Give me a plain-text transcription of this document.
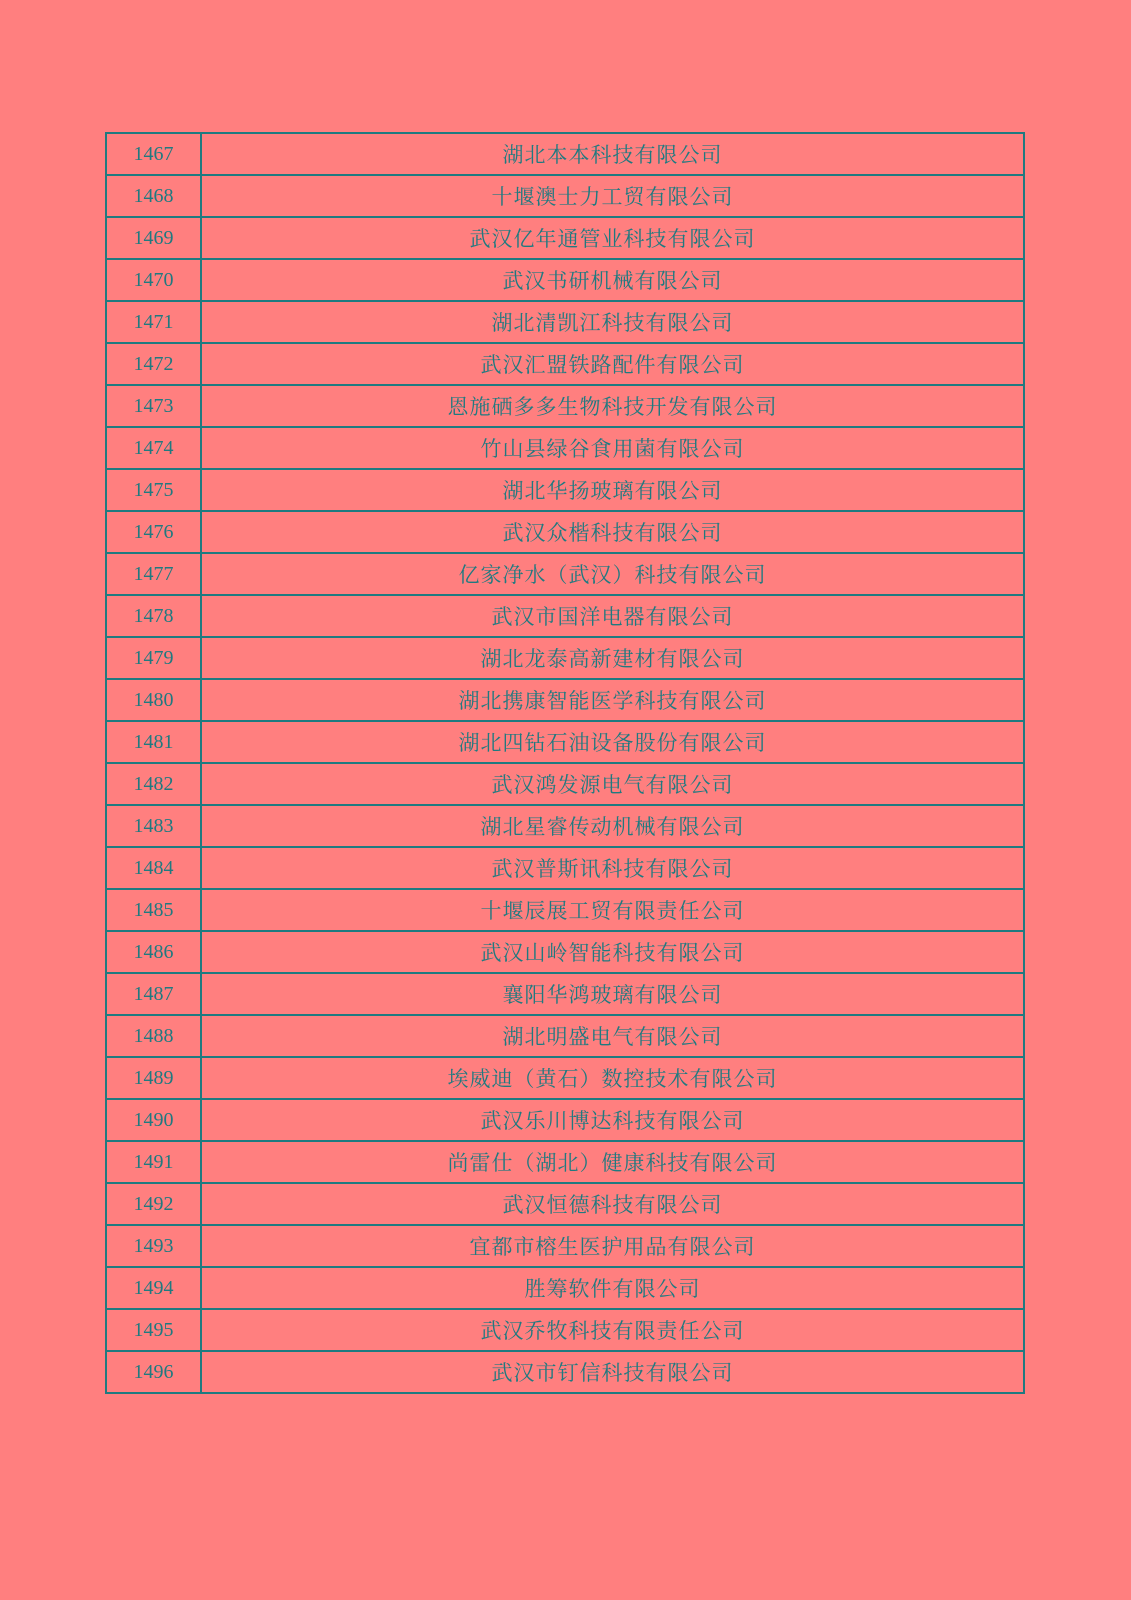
1467	湖北本本科技有限公司
1468	十堰澳士力工贸有限公司
1469	武汉亿年通管业科技有限公司
1470	武汉书研机械有限公司
1471	湖北清凯江科技有限公司
1472	武汉汇盟铁路配件有限公司
1473	恩施硒多多生物科技开发有限公司
1474	竹山县绿谷食用菌有限公司
1475	湖北华扬玻璃有限公司
1476	武汉众楷科技有限公司
1477	亿家净水（武汉）科技有限公司
1478	武汉市国洋电器有限公司
1479	湖北龙泰高新建材有限公司
1480	湖北携康智能医学科技有限公司
1481	湖北四钻石油设备股份有限公司
1482	武汉鸿发源电气有限公司
1483	湖北星睿传动机械有限公司
1484	武汉普斯讯科技有限公司
1485	十堰辰展工贸有限责任公司
1486	武汉山岭智能科技有限公司
1487	襄阳华鸿玻璃有限公司
1488	湖北明盛电气有限公司
1489	埃威迪（黄石）数控技术有限公司
1490	武汉乐川博达科技有限公司
1491	尚雷仕（湖北）健康科技有限公司
1492	武汉恒德科技有限公司
1493	宜都市榕生医护用品有限公司
1494	胜筹软件有限公司
1495	武汉乔牧科技有限责任公司
1496	武汉市钉信科技有限公司
